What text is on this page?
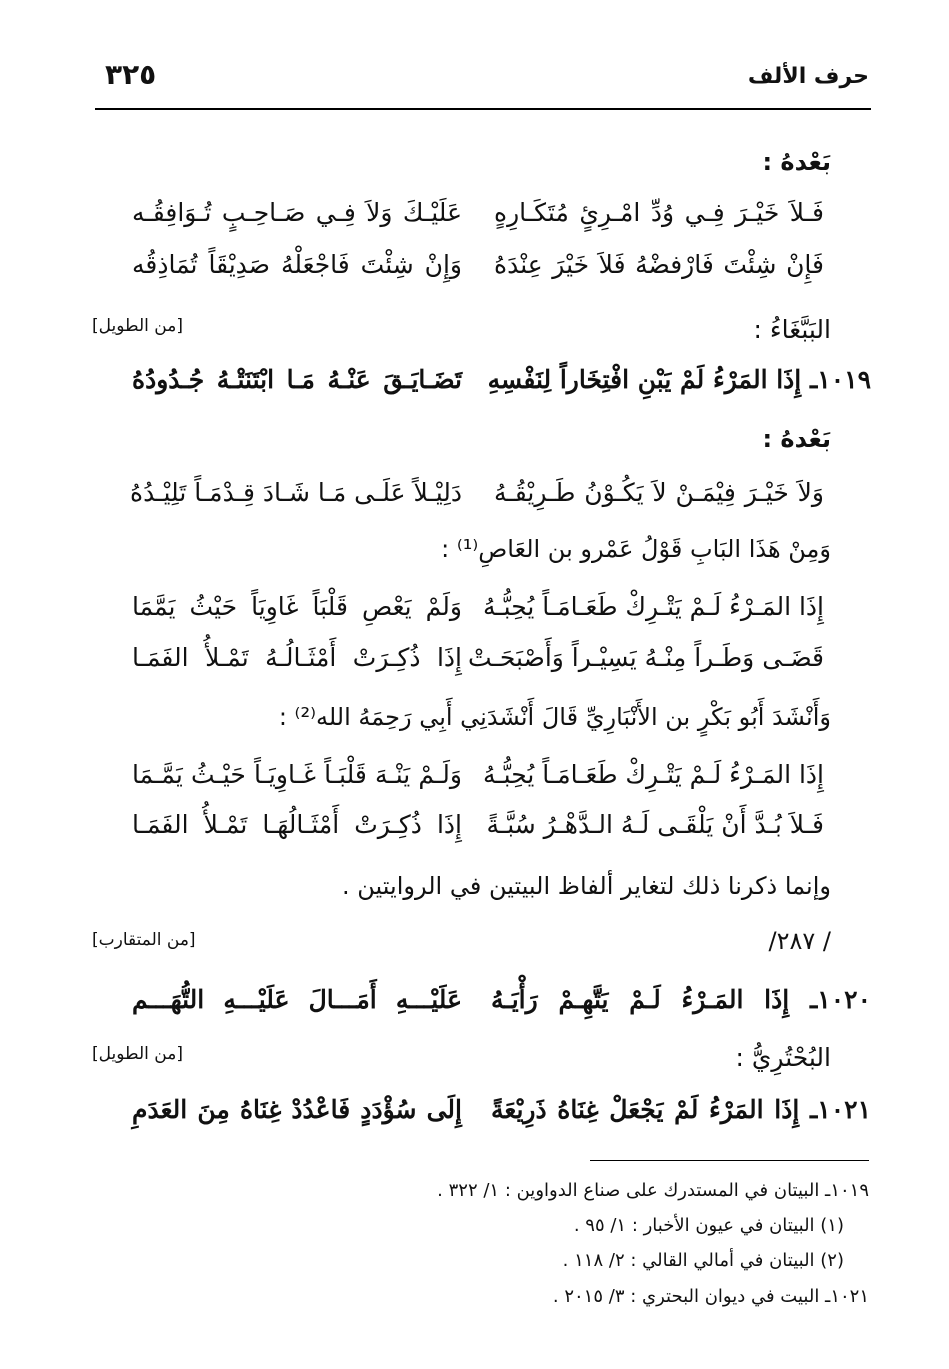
٣٢٥	حرف الألف
بَعْدهُ :
فَـلاَ خَيْـرَ فِـي وُدِّ امْـرِئٍ مُتَكَـارِهٍ
عَلَيْـكَ وَلاَ فِـي صَـاحِـبٍ تُـوَافِقُـه
فَإِنْ شِئْتَ فَارْفضْهُ فَلاَ خَيْرَ عِنْدَهُ
وَإِنْ شِئْتَ فَاجْعَلْهُ صَدِيْقَاً تُمَاذِقُه
البَبَّغَاءُ :
[من الطويل]
١٠١٩ـ إِذَا المَرْءُ لَمْ يَبْنِ افْتِخَاراً لِنَفْسِهِ
تَضَـايَـقَ عَنْـهُ مَـا ابْتَنَتْـهُ جُـدُودُهُ
بَعْدهُ :
وَلاَ خَيْـرَ فِيْمَـنْ لاَ يَكُـوْنُ طَـرِيْقُـهُ
دَلِيْـلاً عَلَـى مَـا شَـادَ قِـدْمَـاً تَلِيْـدُهُ
وَمِنْ هَذَا البَابِ قَوْلُ عَمْرو بن العَاصِ⁽¹⁾ :
إِذَا المَـرْءُ لَـمْ يَتْـرِكْ طَعَـامَـاً يُحِبُّـهُ
وَلَمْ يَعْصِ قَلْبَاً غَاوِيَاً حَيْثُ يَمَّمَا
قَضَـى وَطَـراً مِنْـهُ يَسِيْـراً وَأَصْبَحَـتْ
إِذَا ذُكِـرَتْ أَمْثَـالُـهُ تَمْـلأُ الفَمَـا
وَأَنْشَدَ أَبُو بَكْرٍ بن الأَنْبَارِيِّ قَالَ أَنْشَدَنِي أَبِي رَحِمَهُ الله⁽²⁾ :
إِذَا المَـرْءُ لَـمْ يَتْـرِكْ طَعَـامَـاً يُحِبُّـهُ
وَلَـمْ يَنْـهَ قَلْبَـاً غَـاوِيَـاً حَيْـثُ يَمَّـمَا
فَـلاَ بُـدَّ أَنْ يَلْقَـى لَـهُ الـدَّهْـرُ سُبَّـةً
إِذَا ذُكِـرَتْ أَمْثَـالُهَـا تَمْـلأُ الفَمَـا
وإنما ذكرنا ذلك لتغاير ألفاظ البيتين في الروايتين .
/ ٢٨٧/
[من المتقارب]
١٠٢٠ـ إِذَا المَـرْءُ لَـمْ يَتَّهِـمْ رَأْيَـهُ
عَلَيْـــهِ أَمَـــالَ عَلَيْـــهِ التُّهَـــم
البُحْتُرِيُّ :
[من الطويل]
١٠٢١ـ إِذَا المَرْءُ لَمْ يَجْعَلْ غِنَاهُ ذَرِيْعَةً
إِلَى سُؤْدَدٍ فَاعْدُدْ غِنَاهُ مِنَ العَدَمِ
١٠١٩ـ البيتان في المستدرك على صناع الدواوين : ١/ ٣٢٢ .
(١) البيتان في عيون الأخبار : ١/ ٩٥ .
(٢) البيتان في أمالي القالي : ٢/ ١١٨ .
١٠٢١ـ البيت في ديوان البحتري : ٣/ ٢٠١٥ .
